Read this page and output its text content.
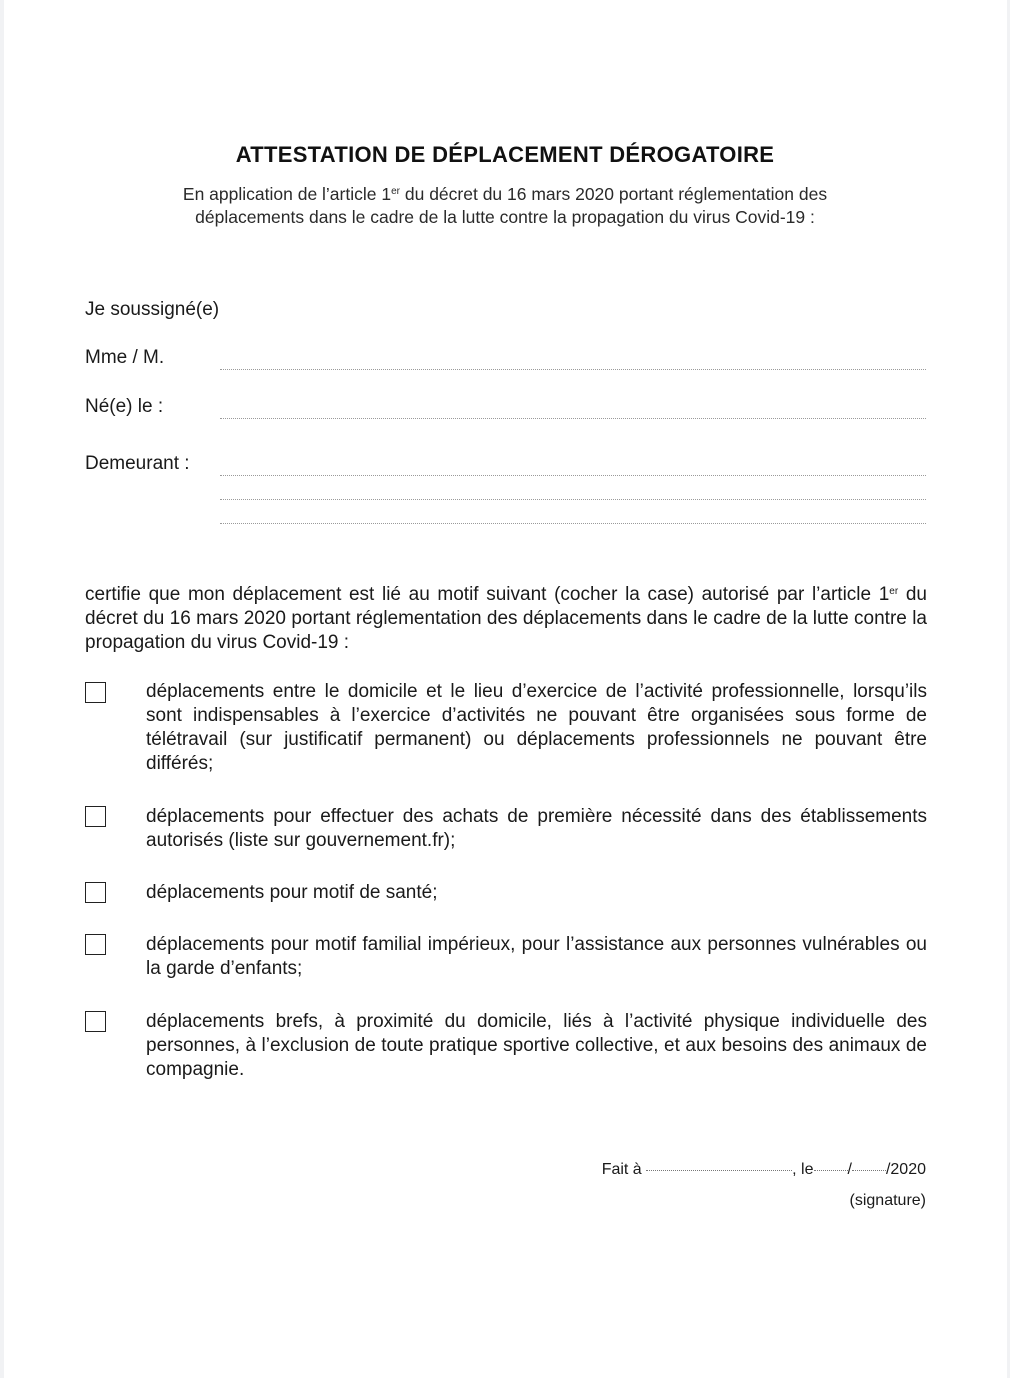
ATTESTATION DE DÉPLACEMENT DÉROGATOIRE
En application de l’article 1er du décret du 16 mars 2020 portant réglementation des
déplacements dans le cadre de la lutte contre la propagation du virus Covid-19 :
Je soussigné(e)
Mme / M.
Né(e) le :
Demeurant :
certifie que mon déplacement est lié au motif suivant (cocher la case) autorisé par l’article 1er du décret du 16 mars 2020 portant réglementation des déplacements dans le cadre de la lutte contre la propagation du virus Covid-19 :
déplacements entre le domicile et le lieu d’exercice de l’activité professionnelle, lorsqu’ils sont indispensables à l’exercice d’activités ne pouvant être organisées sous forme de télétravail (sur justificatif permanent) ou déplacements professionnels ne pouvant être différés;
déplacements pour effectuer des achats de première nécessité dans des établissements autorisés (liste sur gouvernement.fr);
déplacements pour motif de santé;
déplacements pour motif familial impérieux, pour l’assistance aux personnes vulnérables ou la garde d’enfants;
déplacements brefs, à proximité du domicile, liés à l’activité physique individuelle des personnes, à l’exclusion de toute pratique sportive collective, et aux besoins des animaux de compagnie.
Fait à	, le / /2020
(signature)
